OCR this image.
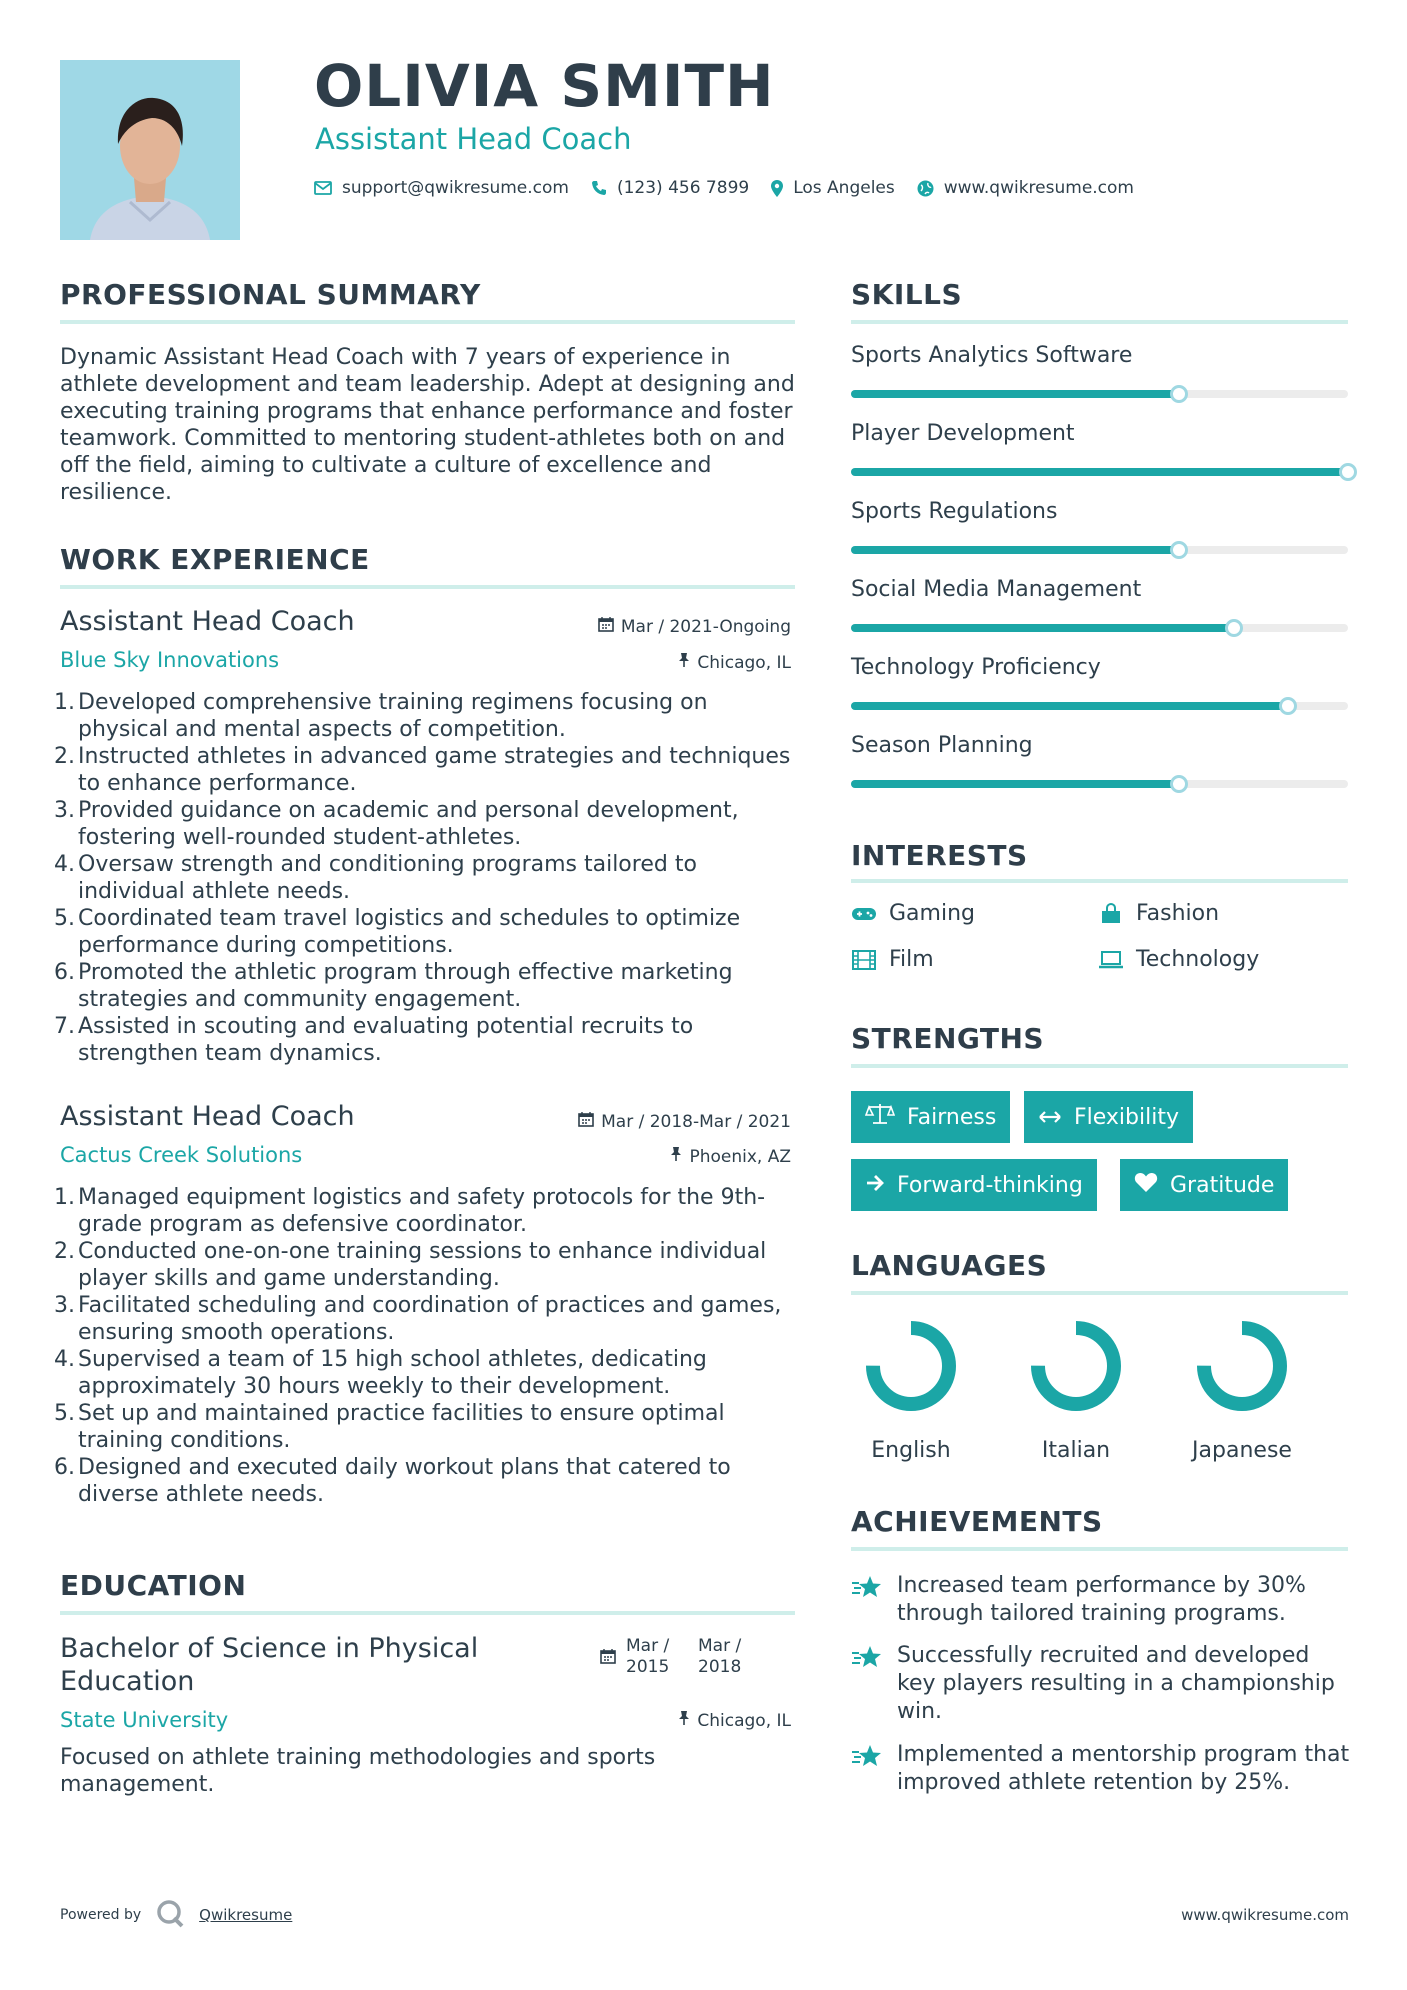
OLIVIA SMITH
Assistant Head Coach
support@qwikresume.com	(123) 456 7899	Los Angeles	www.qwikresume.com
PROFESSIONAL SUMMARY
Dynamic Assistant Head Coach with 7 years of experience in athlete development and team leadership. Adept at designing and executing training programs that enhance performance and foster teamwork. Committed to mentoring student-athletes both on and off the field, aiming to cultivate a culture of excellence and resilience.
WORK EXPERIENCE
Assistant Head Coach	Mar / 2021-Ongoing
Blue Sky Innovations	Chicago, IL
1. Developed comprehensive training regimens focusing on physical and mental aspects of competition.
2. Instructed athletes in advanced game strategies and techniques to enhance performance.
3. Provided guidance on academic and personal development, fostering well-rounded student-athletes.
4. Oversaw strength and conditioning programs tailored to individual athlete needs.
5. Coordinated team travel logistics and schedules to optimize performance during competitions.
6. Promoted the athletic program through effective marketing strategies and community engagement.
7. Assisted in scouting and evaluating potential recruits to strengthen team dynamics.
Assistant Head Coach	Mar / 2018-Mar / 2021
Cactus Creek Solutions	Phoenix, AZ
1. Managed equipment logistics and safety protocols for the 9th-grade program as defensive coordinator.
2. Conducted one-on-one training sessions to enhance individual player skills and game understanding.
3. Facilitated scheduling and coordination of practices and games, ensuring smooth operations.
4. Supervised a team of 15 high school athletes, dedicating approximately 30 hours weekly to their development.
5. Set up and maintained practice facilities to ensure optimal training conditions.
6. Designed and executed daily workout plans that catered to diverse athlete needs.
EDUCATION
Bachelor of Science in Physical Education
Mar / 2015
Mar / 2018
State University	Chicago, IL
Focused on athlete training methodologies and sports management.
SKILLS
Sports Analytics Software
Player Development
Sports Regulations
Social Media Management
Technology Proficiency
Season Planning
INTERESTS
Gaming	Fashion
Film	Technology
STRENGTHS
Fairness	Flexibility
Forward-thinking	Gratitude
LANGUAGES
English	Italian	Japanese
ACHIEVEMENTS
Increased team performance by 30% through tailored training programs.
Successfully recruited and developed key players resulting in a championship win.
Implemented a mentorship program that improved athlete retention by 25%.
Powered by	Qwikresume	www.qwikresume.com
